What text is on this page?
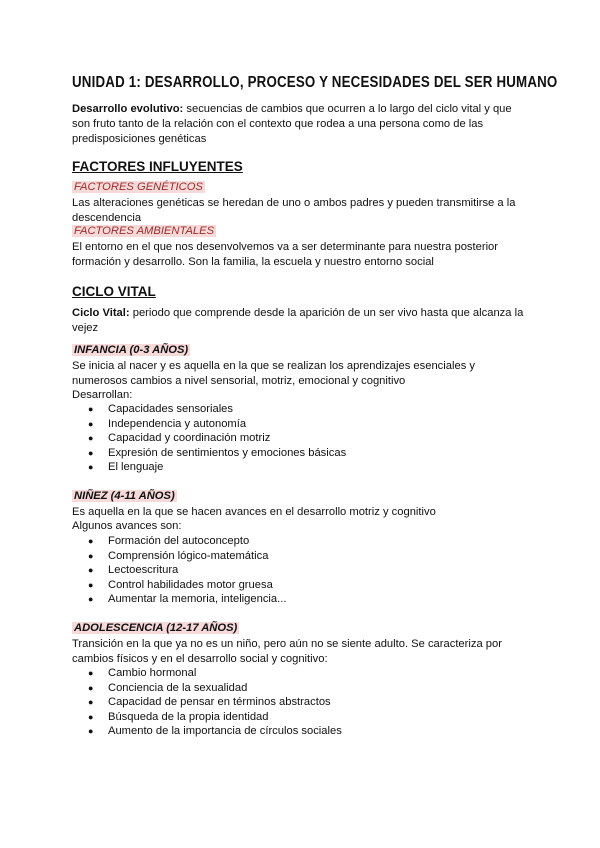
UNIDAD 1: DESARROLLO, PROCESO Y NECESIDADES DEL SER HUMANO

Desarrollo evolutivo: secuencias de cambios que ocurren a lo largo del ciclo vital y que son fruto tanto de la relación con el contexto que rodea a una persona como de las predisposiciones genéticas

FACTORES INFLUYENTES
FACTORES GENÉTICOS

Las alteraciones genéticas se heredan de uno o ambos padres y pueden transmitirse a la descendencia

FACTORES AMBIENTALES

El entorno en el que nos desenvolvemos va a ser determinante para nuestra posterior formación y desarrollo. Son la familia, la escuela y nuestro entorno social

CICLO VITAL

Ciclo Vital: periodo que comprende desde la aparición de un ser vivo hasta que alcanza la vejez

INFANCIA (0-3 AÑOS)

Se inicia al nacer y es aquella en la que se realizan los aprendizajes esenciales y numerosos cambios a nivel sensorial, motriz, emocional y cognitivo

Desarrollan:

● Capacidades sensoriales
● Independencia y autonomía
● Capacidad y coordinación motriz
● Expresión de sentimientos y emociones básicas
● El lenguaje
NIÑEZ (4-11 AÑOS)

Es aquella en la que se hacen avances en el desarrollo motriz y cognitivo

Algunos avances son:

● Formación del autoconcepto
● Comprensión lógico-matemática
● Lectoescritura
● Control habilidades motor gruesa
● Aumentar la memoria, inteligencia...
ADOLESCENCIA (12-17 AÑOS)

Transición en la que ya no es un niño, pero aún no se siente adulto. Se caracteriza por cambios físicos y en el desarrollo social y cognitivo:

● Cambio hormonal
● Conciencia de la sexualidad
● Capacidad de pensar en términos abstractos
● Búsqueda de la propia identidad
● Aumento de la importancia de círculos sociales
